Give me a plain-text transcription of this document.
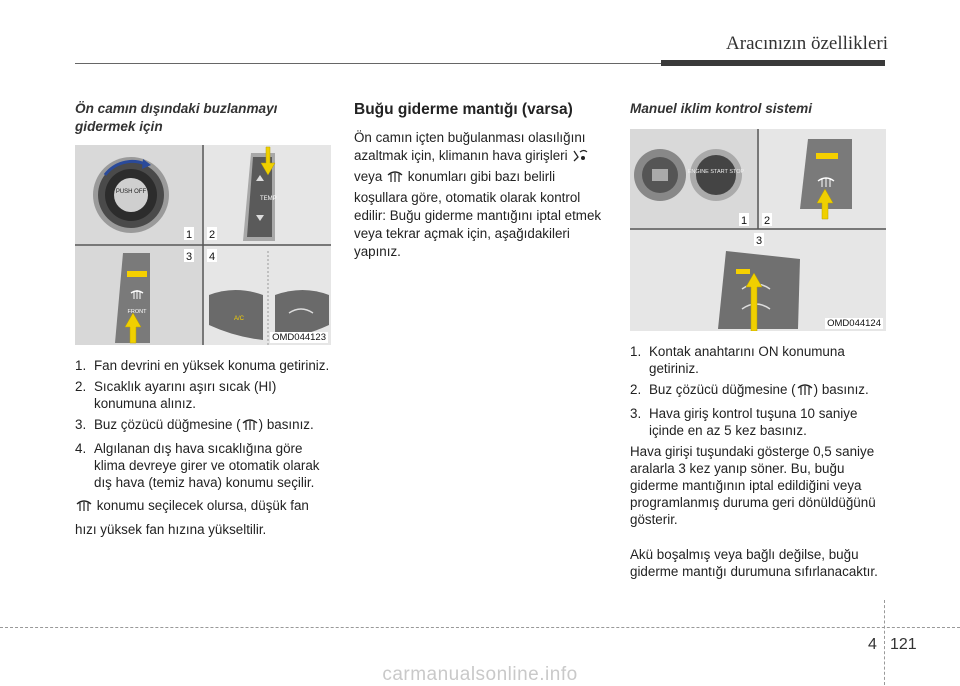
Aracınızın özellikleri
Ön camın dışındaki buzlanmayı gidermek için
PUSH OFF
TEMP
FRONT
A/C
1 2
3 4
OMD044123
1. Fan devrini en yüksek konuma getiriniz.
2. Sıcaklık ayarını aşırı sıcak (HI) konumuna alınız.
3. Buz çözücü düğmesine ( ) basınız.
4. Algılanan dış hava sıcaklığına göre klima devreye girer ve otomatik olarak dış hava (temiz hava) konumu seçilir.

konumu seçilecek olursa, düşük fan

hızı yüksek fan hızına yükseltilir.

Buğu giderme mantığı (varsa)

Ön camın içten buğulanması olasılığını azaltmak için, klimanın hava girişleri  veya konumları gibi bazı belirli koşullara göre, otomatik olarak kontrol edilir: Buğu giderme mantığını iptal etmek veya tekrar açmak için, aşağıdakileri yapınız.

Manuel iklim kontrol sistemi
ENGINE START STOP
1 2
3
OMD044124
1. Kontak anahtarını ON konumuna getiriniz.
2. Buz çözücü düğmesine ( ) basınız.
3. Hava giriş kontrol tuşuna 10 saniye içinde en az 5 kez basınız.

Hava girişi tuşundaki gösterge 0,5 saniye aralarla 3 kez yanıp söner. Bu, buğu giderme mantığının iptal edildiğini veya programlanmış duruma geri dönüldüğünü gösterir.

Akü boşalmış veya bağlı değilse, buğu giderme mantığı durumuna sıfırlanacaktır.

4 121
carmanualsonline.info
